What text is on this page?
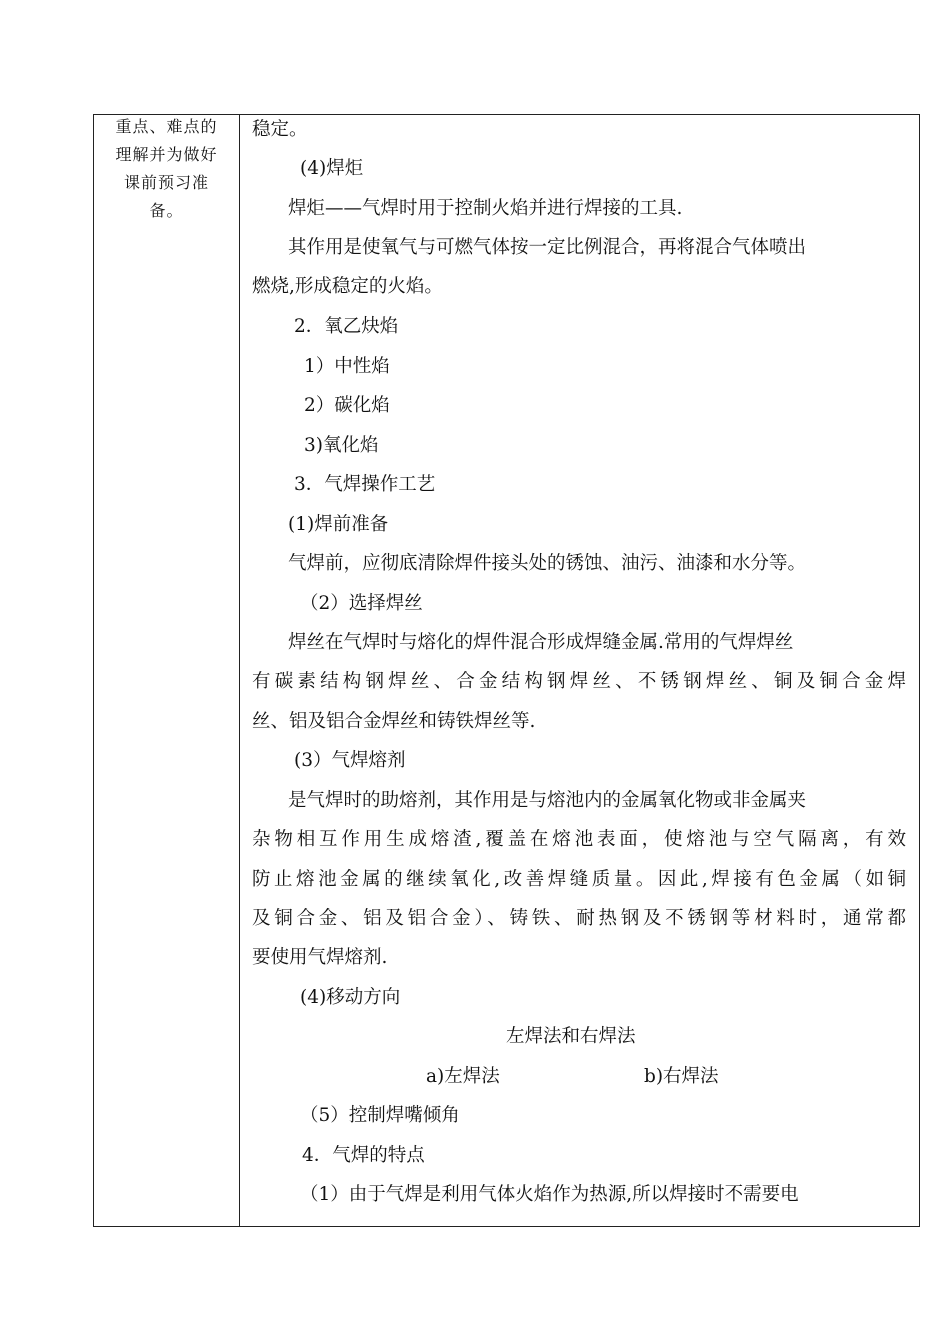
重点、难点的
理解并为做好
课前预习准
备。
稳定。
(4)焊炬
焊炬——气焊时用于控制火焰并进行焊接的工具.
其作用是使氧气与可燃气体按一定比例混合，再将混合气体喷出
燃烧,形成稳定的火焰。
2．氧乙炔焰
1）中性焰
2）碳化焰
3)氧化焰
3．气焊操作工艺
(1)焊前准备
气焊前，应彻底清除焊件接头处的锈蚀、油污、油漆和水分等。
（2）选择焊丝
焊丝在气焊时与熔化的焊件混合形成焊缝金属.常用的气焊焊丝
有碳素结构钢焊丝、合金结构钢焊丝、不锈钢焊丝、铜及铜合金焊
丝、铝及铝合金焊丝和铸铁焊丝等.
(3）气焊熔剂
是气焊时的助熔剂，其作用是与熔池内的金属氧化物或非金属夹
杂物相互作用生成熔渣,覆盖在熔池表面，使熔池与空气隔离，有效
防止熔池金属的继续氧化,改善焊缝质量。因此,焊接有色金属（如铜
及铜合金、铝及铝合金）、铸铁、耐热钢及不锈钢等材料时，通常都
要使用气焊熔剂.
(4)移动方向
左焊法和右焊法
a)左焊法	b)右焊法
（5）控制焊嘴倾角
4．气焊的特点
（1）由于气焊是利用气体火焰作为热源,所以焊接时不需要电
